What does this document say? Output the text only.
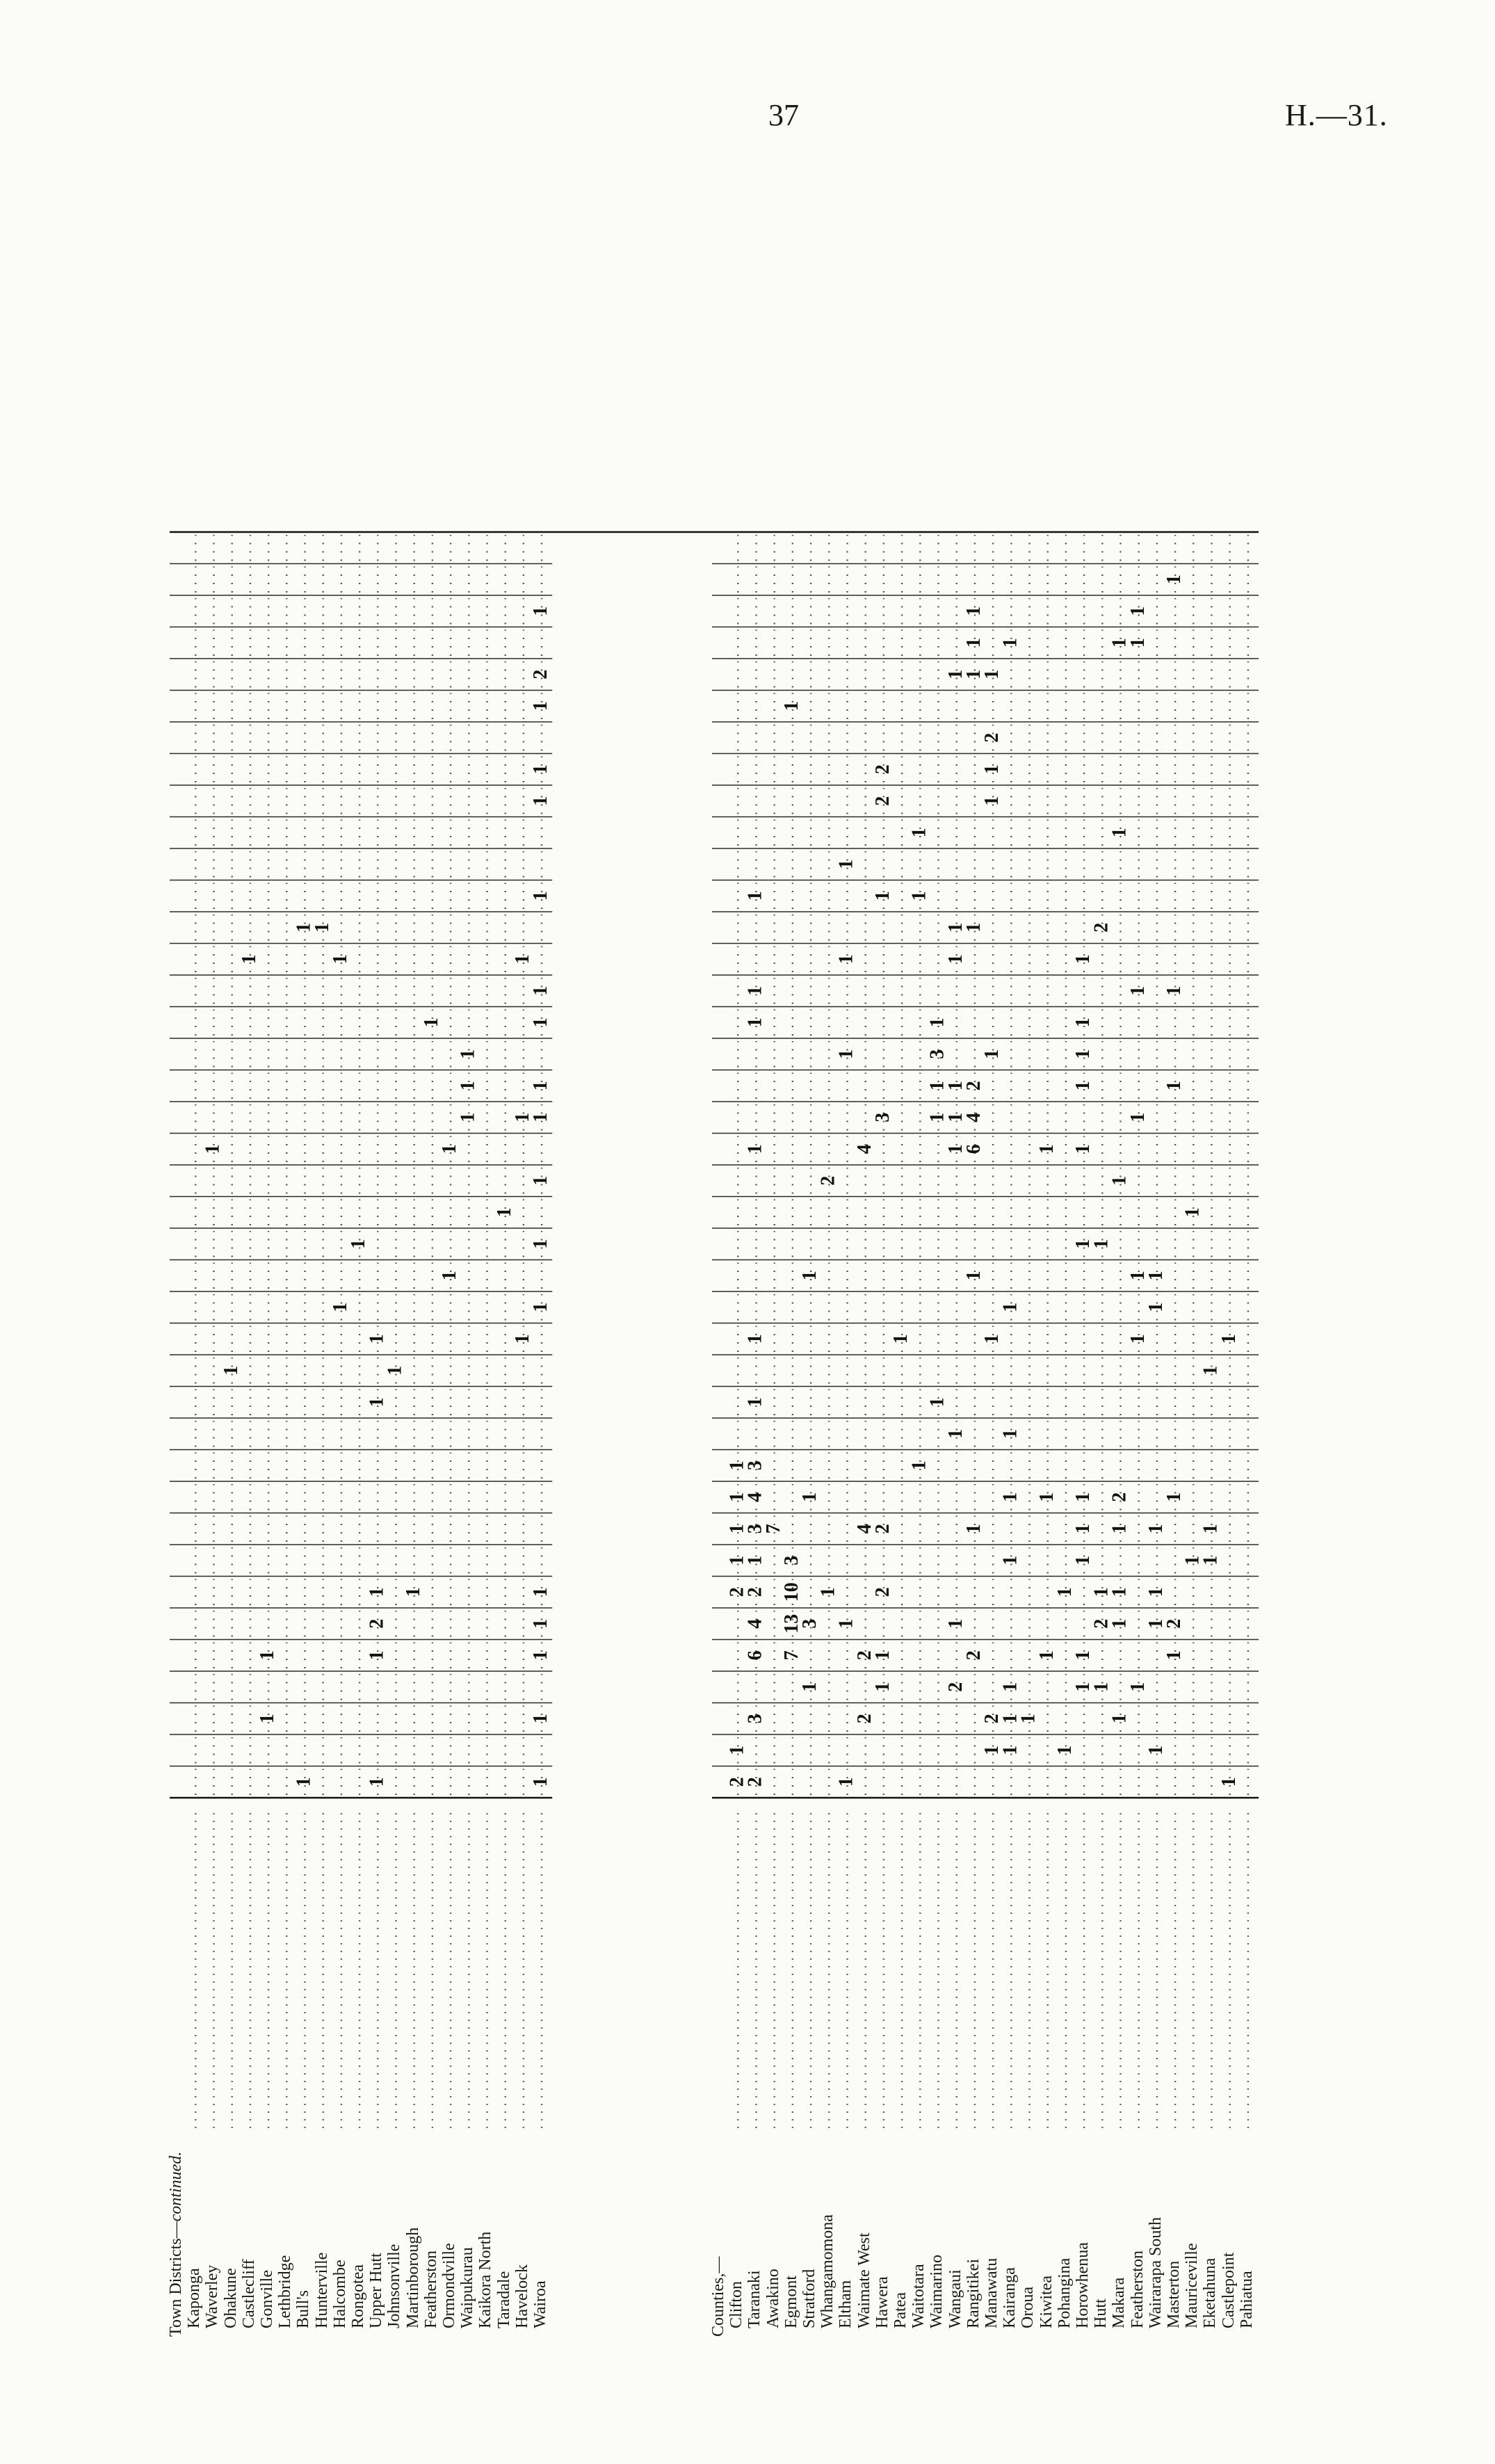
37	H.—31.
1
1
1
1
1
1
1
1
1
1
1
1
1
2
1
1
1
1
1
1
1
1
1
1
1
1
1
1
1
1
1
1
1
1
1
1
1
1
1
1
1
1
1
1
1
2
1
2
1
2
1
1
1
1
2
3
6
4
2
1
3
4
3
1
1
1
1
1
1
7
7
13
10
3
1
1
3
1
1
1
2
1
1
1
1
1
2
2
4
4
1
1
2
2
3
1
2
2
1
1
1
1
1
1
1
3
1
2
1
1
1
1
1
1
1
1
2
1
1
6
4
2
1
1
1
1
1
2
1
1
1
1
2
1
1
1
1
1
1
1
1
1
1
1
1
1
1
1
1
1
1
1
1
1
1
1
1
1
1
1
2
1
1
2
1
1
1
1
2
1
1
1
1
1
1
1
1
1
1
1
1
1
1
1
1
1
2
1
1
1
1
1
1
1
1
1
1
1
Town Districts—continued.
Kaponga Waverley Ohakune Castlecliff Gonville Lethbridge Bull's Hunterville Halcombe Rongotea Upper Hutt Johnsonville Martinborough Featherston Ormondville Waipukurau Kaikora North Taradale Havelock Wairoa	Counties,— Clifton Taranaki Awakino Egmont Stratford Whangamomona Eltham Waimate West Hawera Patea Waitotara Waimarino Wangaui Rangitikei Manawatu Kairanga Oroua Kiwitea Pohangina Horowhenua Hutt Makara Featherston Wairarapa South Masterton Mauriceville Eketahuna Castlepoint Pahiatua
